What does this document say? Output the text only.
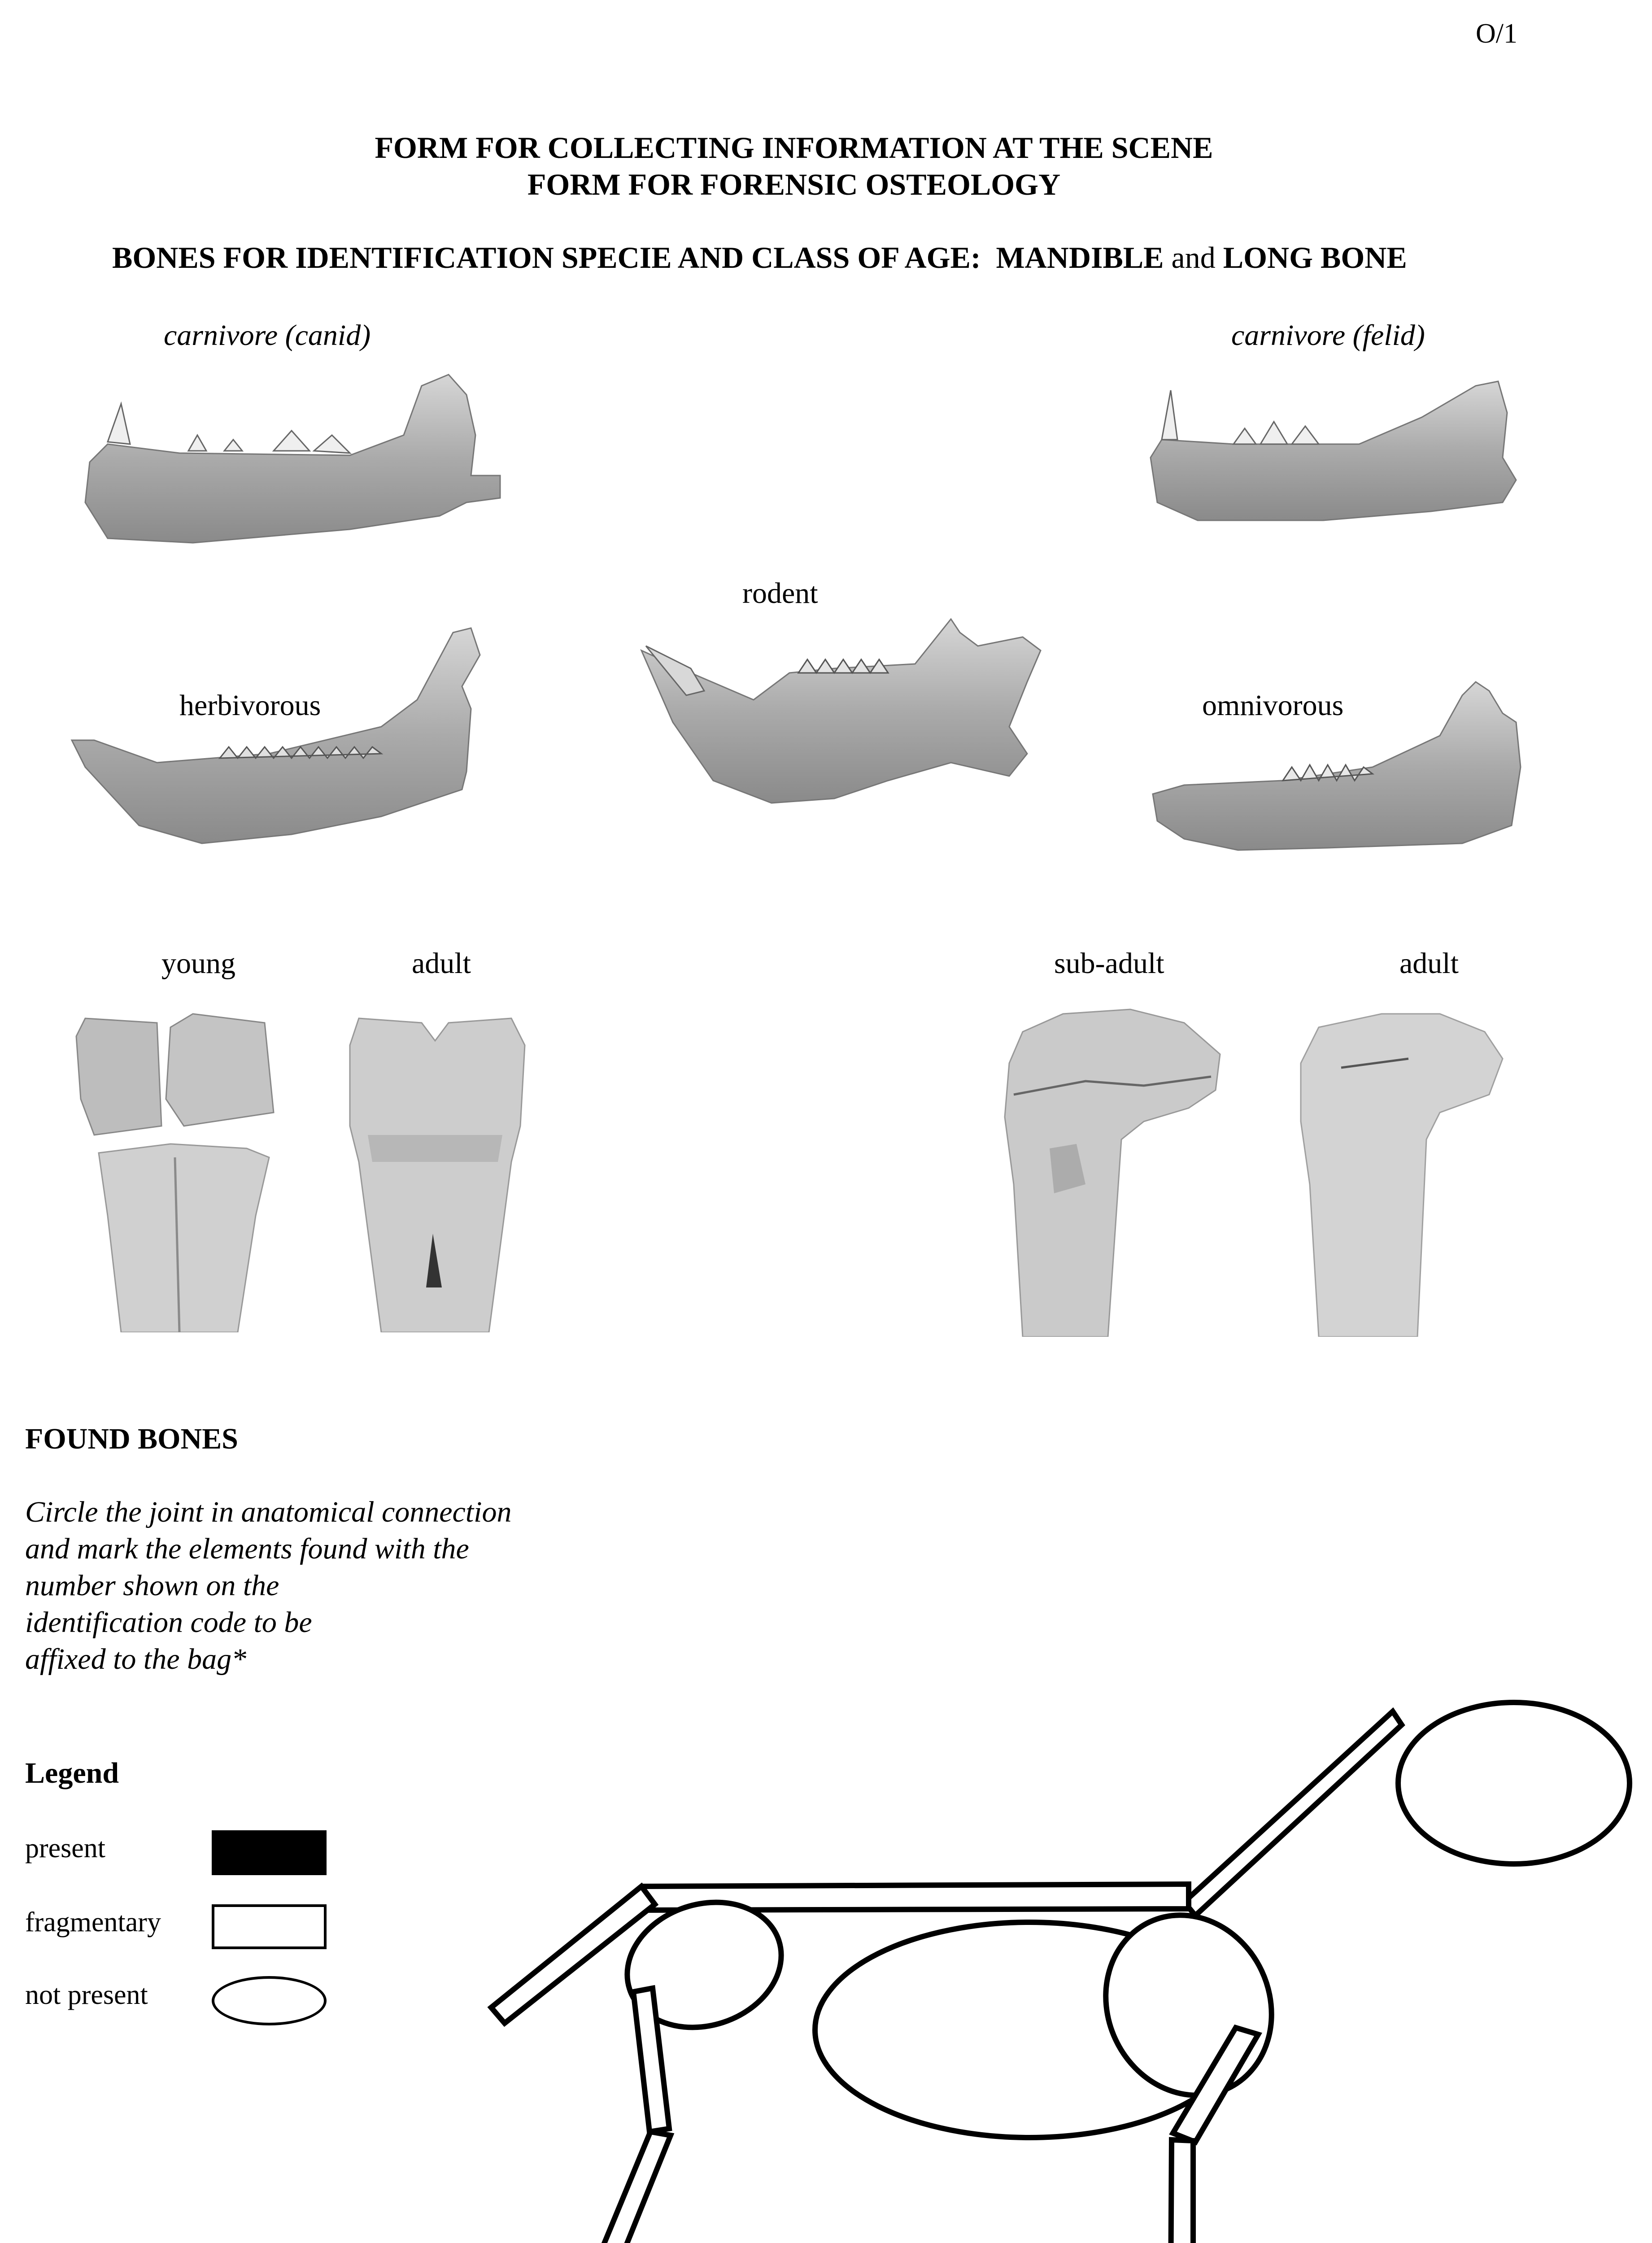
O/1
FORM FOR COLLECTING INFORMATION AT THE SCENE
FORM FOR FORENSIC OSTEOLOGY
BONES FOR IDENTIFICATION SPECIE AND CLASS OF AGE: MANDIBLE and LONG BONE
carnivore (canid)	carnivore (felid)
rodent
herbivorous	omnivorous
young	adult	sub-adult	adult
FOUND BONES
Circle the joint in anatomical connection
and mark the elements found with the
number shown on the
identification code to be
affixed to the bag*
Legend
present
fragmentary
not present
